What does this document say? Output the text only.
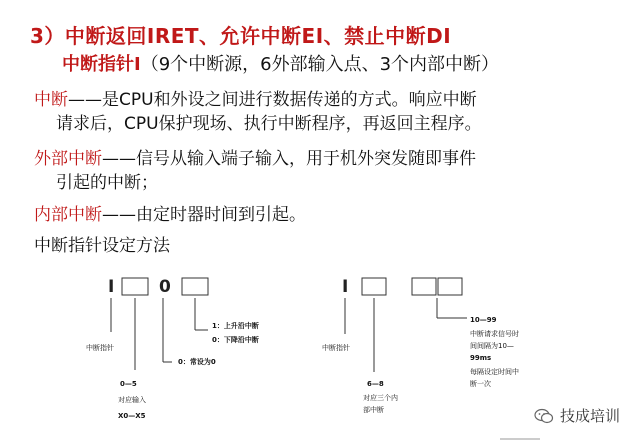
3）中断返回IRET、允许中断EI、禁止中断DI
中断指针I（9个中断源，6外部输入点、3个内部中断）
中断——是CPU和外设之间进行数据传递的方式。响应中断
请求后，CPU保护现场、执行中断程序，再返回主程序。
外部中断——信号从输入端子输入，用于机外突发随即事件
引起的中断；
内部中断——由定时器时间到引起。
中断指针设定方法
I	0
中断指针
1：上升沿中断
0：下降沿中断
0：常设为0
0—5
对应输入
X0—X5
I
中断指针
6—8
对应三个内
部中断
10—99
中断请求信号时
间间隔为10—
99ms
每隔设定时间中
断一次
技成培训
